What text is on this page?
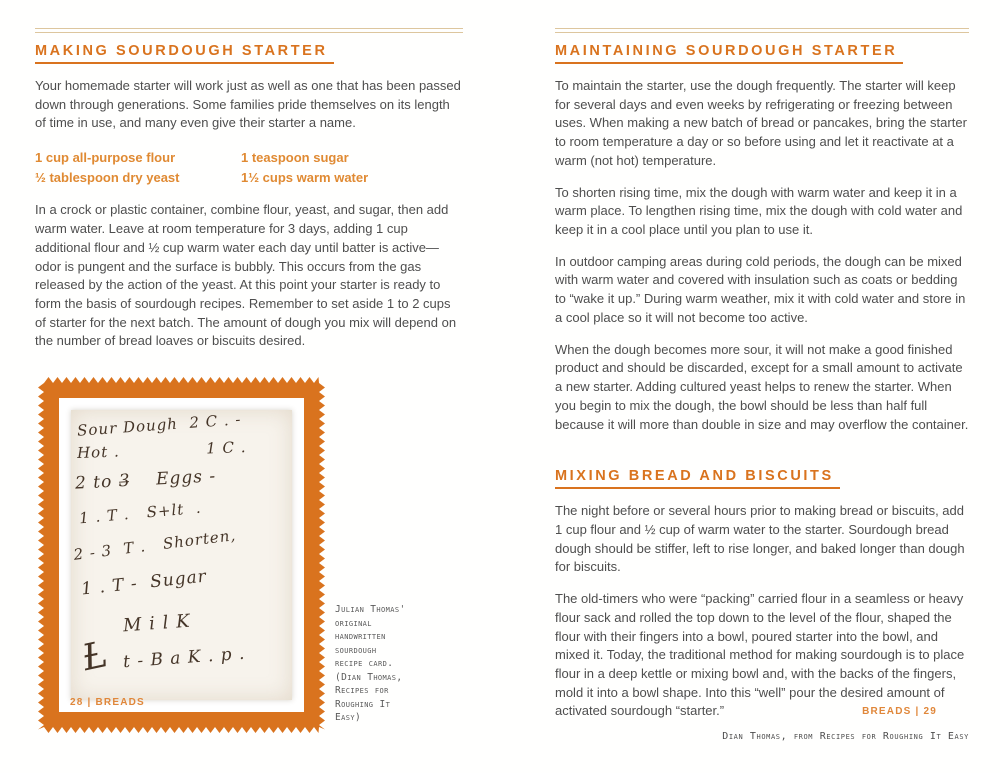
MAKING SOURDOUGH STARTER

Your homemade starter will work just as well as one that has been passed down through generations. Some families pride themselves on its length of time in use, and many even give their starter a name.

1 cup all-purpose flour
½ tablespoon dry yeast
1 teaspoon sugar
1½ cups warm water

In a crock or plastic container, combine flour, yeast, and sugar, then add warm water. Leave at room temperature for 3 days, adding 1 cup additional flour and ½ cup warm water each day until batter is active—odor is pungent and the surface is bubbly. This occurs from the gas released by the action of the yeast. At this point your starter is ready to form the basis of sourdough recipes. Remember to set aside 1 to 2 cups of starter for the next batch. The amount of dough you mix will depend on the number of bread loaves or biscuits desired.

Sour Dough  2 C . -
Hot .               1 C .
2 to 3̶    Eggs -
1 . T .   S+lt  .
2 - 3  T .   Shorten,
1 . T -  Sugar
M i l K
t - B a K . p .
Ƚ
Julian Thomas'
original
handwritten
sourdough
recipe card.
(Dian Thomas,
Recipes for
Roughing It
Easy)
28 | BREADS
MAINTAINING SOURDOUGH STARTER

To maintain the starter, use the dough frequently. The starter will keep for several days and even weeks by refrigerating or freezing between uses. When making a new batch of bread or pancakes, bring the starter to room temperature a day or so before using and let it reactivate at a warm (not hot) temperature.

To shorten rising time, mix the dough with warm water and keep it in a warm place. To lengthen rising time, mix the dough with cold water and keep it in a cool place until you plan to use it.

In outdoor camping areas during cold periods, the dough can be mixed with warm water and covered with insulation such as coats or bedding to “wake it up.” During warm weather, mix it with cold water and store in a cool place so it will not become too active.

When the dough becomes more sour, it will not make a good finished product and should be discarded, except for a small amount to activate a new starter. Adding cultured yeast helps to renew the starter. When you begin to mix the dough, the bowl should be less than half full because it will more than double in size and may overflow the container.

MIXING BREAD AND BISCUITS

The night before or several hours prior to making bread or biscuits, add 1 cup flour and ½ cup of warm water to the starter. Sourdough bread dough should be stiffer, left to rise longer, and baked longer than dough for biscuits.

The old-timers who were “packing” carried flour in a seamless or heavy flour sack and rolled the top down to the level of the flour, shaped the flour with their fingers into a bowl, poured starter into the bowl, and mixed it. Today, the traditional method for making sourdough is to place flour in a deep kettle or mixing bowl and, with the backs of the fingers, mold it into a bowl shape. Into this “well” pour the desired amount of activated sourdough “starter.”

Dian Thomas, from Recipes for Roughing It Easy
BREADS | 29
